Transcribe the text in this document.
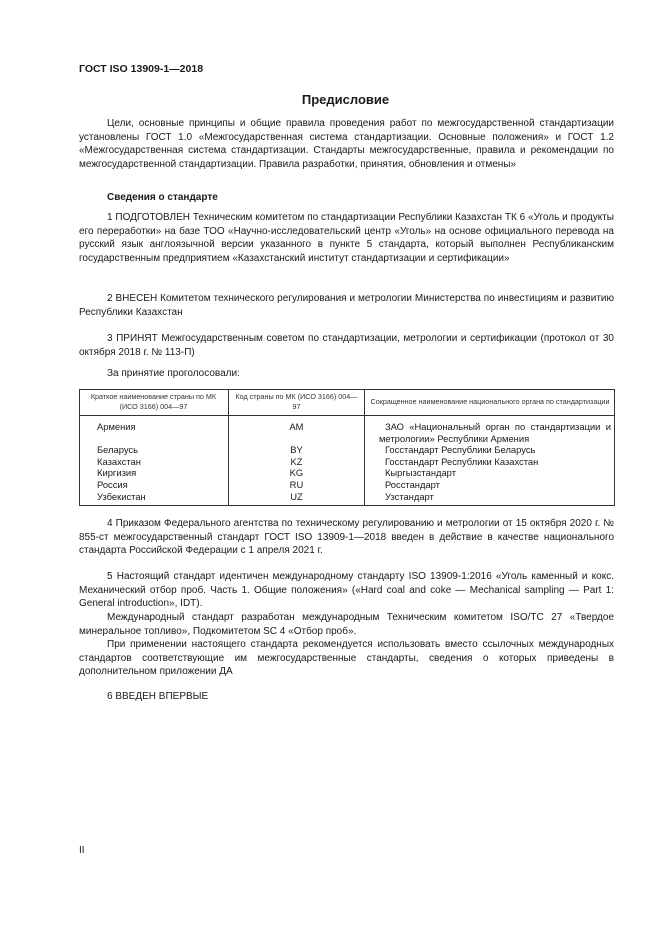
ГОСТ ISO 13909-1—2018
Предисловие
Цели, основные принципы и общие правила проведения работ по межгосударственной стандартизации установлены ГОСТ 1.0 «Межгосударственная система стандартизации. Основные положения» и ГОСТ 1.2 «Межгосударственная система стандартизации. Стандарты межгосударственные, правила и рекомендации по межгосударственной стандартизации. Правила разработки, принятия, обновления и отмены»
Сведения о стандарте
1 ПОДГОТОВЛЕН Техническим комитетом по стандартизации Республики Казахстан ТК 6 «Уголь и продукты его переработки» на базе ТОО «Научно-исследовательский центр «Уголь» на основе официального перевода на русский язык англоязычной версии указанного в пункте 5 стандарта, который выполнен Республиканским государственным предприятием «Казахстанский институт стандартизации и сертификации»
2 ВНЕСЕН Комитетом технического регулирования и метрологии Министерства по инвестициям и развитию Республики Казахстан
3 ПРИНЯТ Межгосударственным советом по стандартизации, метрологии и сертификации (протокол от 30 октября 2018 г. № 113-П)
За принятие проголосовали:
Краткое наименование страны по МК (ИСО 3166) 004—97	Код страны по МК (ИСО 3166) 004—97	Сокращенное наименование национального органа по стандартизации
Армения	AM	ЗАО «Национальный орган по стандартизации и метрологии» Республики Армения
Беларусь	BY	Госстандарт Республики Беларусь
Казахстан	KZ	Госстандарт Республики Казахстан
Киргизия	KG	Кыргызстандарт
Россия	RU	Росстандарт
Узбекистан	UZ	Узстандарт
4 Приказом Федерального агентства по техническому регулированию и метрологии от 15 октября 2020 г. № 855-ст межгосударственный стандарт ГОСТ ISO 13909-1—2018 введен в действие в качестве национального стандарта Российской Федерации с 1 апреля 2021 г.
5 Настоящий стандарт идентичен международному стандарту ISO 13909-1:2016 «Уголь каменный и кокс. Механический отбор проб. Часть 1. Общие положения» («Hard coal and coke — Mechanical sampling — Part 1: General introduction», IDT).
Международный стандарт разработан международным Техническим комитетом ISO/TC 27 «Твердое минеральное топливо», Подкомитетом SC 4 «Отбор проб».
При применении настоящего стандарта рекомендуется использовать вместо ссылочных международных стандартов соответствующие им межгосударственные стандарты, сведения о которых приведены в дополнительном приложении ДА
6 ВВЕДЕН ВПЕРВЫЕ
II
